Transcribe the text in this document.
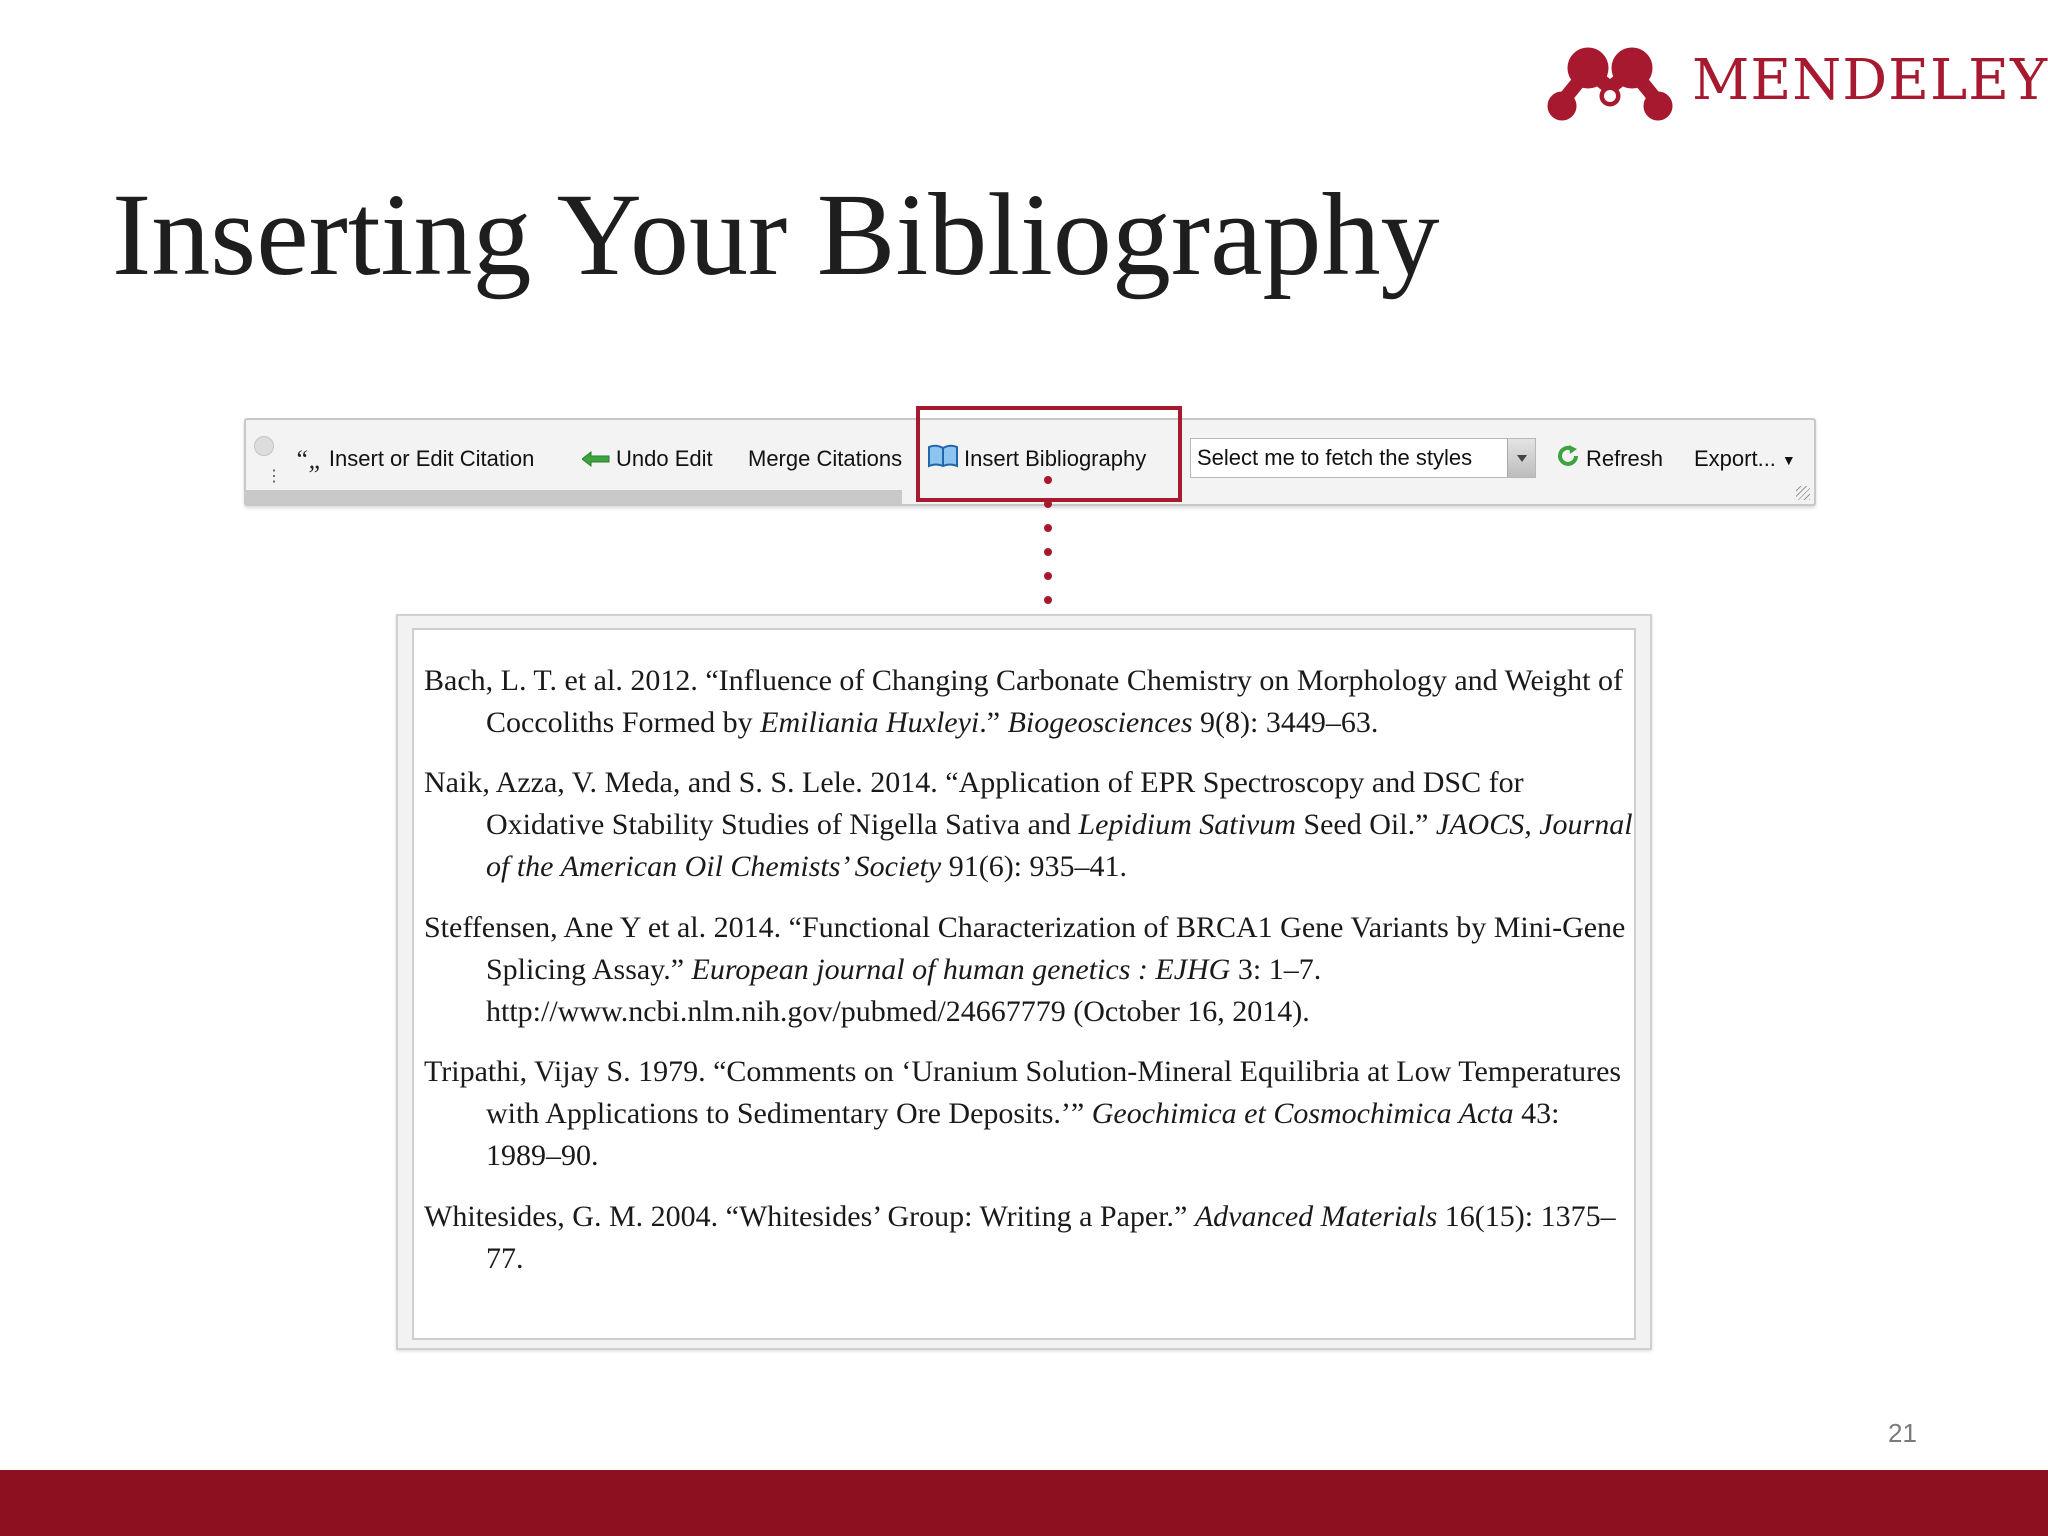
MENDELEY
Inserting Your Bibliography
⋮
“„ Insert or Edit Citation	Undo Edit Merge Citations	Insert Bibliography	Select me to fetch the styles	Refresh Export... ▼
Bach, L. T. et al. 2012. “Influence of Changing Carbonate Chemistry on Morphology and Weight of Coccoliths Formed by Emiliania Huxleyi.” Biogeosciences 9(8): 3449–63.
Naik, Azza, V. Meda, and S. S. Lele. 2014. “Application of EPR Spectroscopy and DSC for Oxidative Stability Studies of Nigella Sativa and Lepidium Sativum Seed Oil.” JAOCS, Journal of the American Oil Chemists’ Society 91(6): 935–41.
Steffensen, Ane Y et al. 2014. “Functional Characterization of BRCA1 Gene Variants by Mini-Gene Splicing Assay.” European journal of human genetics : EJHG 3: 1–7. http://www.ncbi.nlm.nih.gov/pubmed/24667779 (October 16, 2014).
Tripathi, Vijay S. 1979. “Comments on ‘Uranium Solution-Mineral Equilibria at Low Temperatures with Applications to Sedimentary Ore Deposits.’” Geochimica et Cosmochimica Acta 43: 1989–90.
Whitesides, G. M. 2004. “Whitesides’ Group: Writing a Paper.” Advanced Materials 16(15): 1375–77.
21
